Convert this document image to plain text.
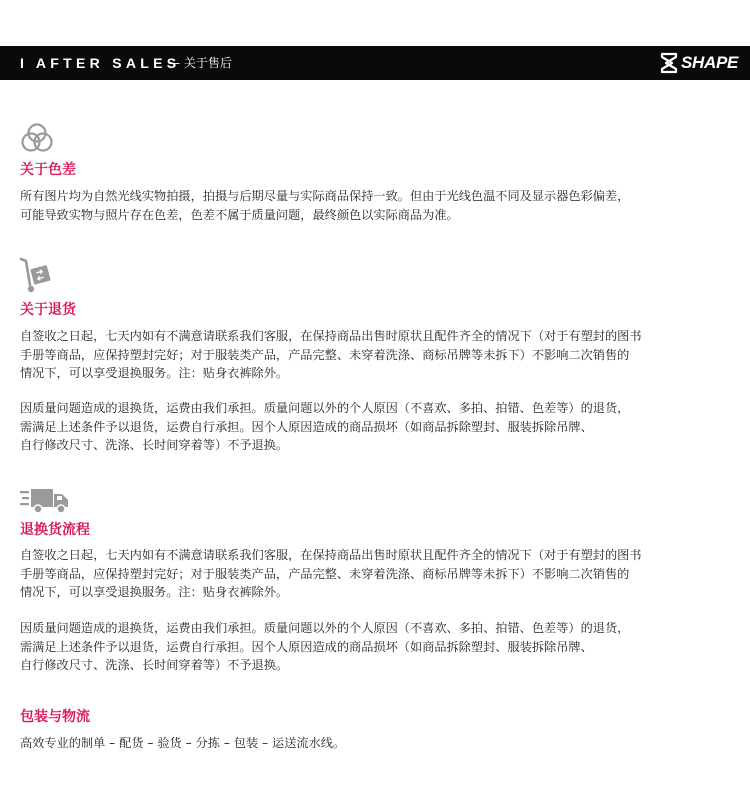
I AFTER SALES
— 关于售后	SHAPE
关于色差
所有图片均为自然光线实物拍摄，拍摄与后期尽量与实际商品保持一致。但由于光线色温不同及显示器色彩偏差，
可能导致实物与照片存在色差，色差不属于质量问题，最终颜色以实际商品为准。
关于退货
自签收之日起，七天内如有不满意请联系我们客服，在保持商品出售时原状且配件齐全的情况下（对于有塑封的图书
手册等商品，应保持塑封完好；对于服装类产品，产品完整、未穿着洗涤、商标吊牌等未拆下）不影响二次销售的
情况下，可以享受退换服务。注：贴身衣裤除外。
因质量问题造成的退换货，运费由我们承担。质量问题以外的个人原因（不喜欢、多拍、拍错、色差等）的退货，
需满足上述条件予以退货，运费自行承担。因个人原因造成的商品损坏（如商品拆除塑封、服装拆除吊牌、
自行修改尺寸、洗涤、长时间穿着等）不予退换。
退换货流程
自签收之日起，七天内如有不满意请联系我们客服，在保持商品出售时原状且配件齐全的情况下（对于有塑封的图书
手册等商品，应保持塑封完好；对于服装类产品，产品完整、未穿着洗涤、商标吊牌等未拆下）不影响二次销售的
情况下，可以享受退换服务。注：贴身衣裤除外。
因质量问题造成的退换货，运费由我们承担。质量问题以外的个人原因（不喜欢、多拍、拍错、色差等）的退货，
需满足上述条件予以退货，运费自行承担。因个人原因造成的商品损坏（如商品拆除塑封、服装拆除吊牌、
自行修改尺寸、洗涤、长时间穿着等）不予退换。
包装与物流
高效专业的制单 – 配货 – 验货 – 分拣 – 包装 – 运送流水线。
